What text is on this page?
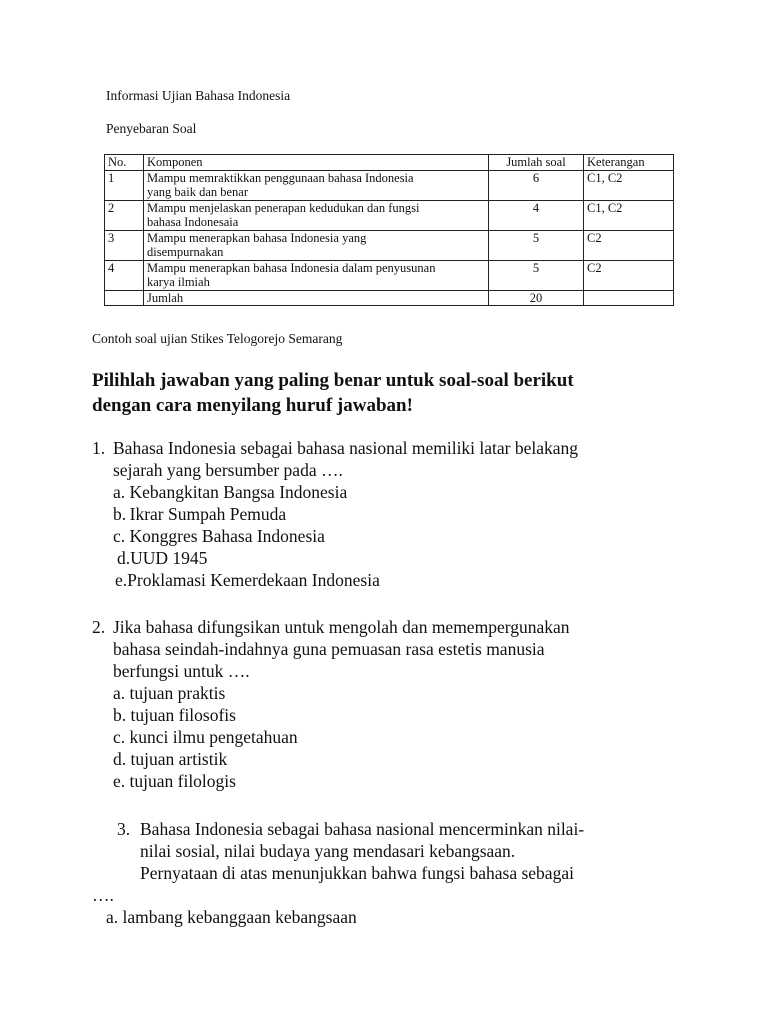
Informasi Ujian Bahasa Indonesia
Penyebaran Soal
No.	Komponen	Jumlah soal	Keterangan
1	Mampu memraktikkan penggunaan bahasa Indonesia
yang baik dan benar	6	C1, C2
2	Mampu menjelaskan penerapan kedudukan dan fungsi
bahasa Indonesaia	4	C1, C2
3	Mampu menerapkan bahasa Indonesia yang
disempurnakan	5	C2
4	Mampu menerapkan bahasa Indonesia dalam penyusunan
karya ilmiah	5	C2
	Jumlah	20	
Contoh soal ujian Stikes Telogorejo Semarang
Pilihlah jawaban yang paling benar untuk soal-soal berikut
dengan cara menyilang huruf jawaban!
1. Bahasa Indonesia sebagai bahasa nasional memiliki latar belakang
sejarah yang bersumber pada ….
a. Kebangkitan Bangsa Indonesia
b. Ikrar Sumpah Pemuda
c. Konggres Bahasa Indonesia
d.UUD 1945
e.Proklamasi Kemerdekaan Indonesia
2. Jika bahasa difungsikan untuk mengolah dan memempergunakan
bahasa seindah-indahnya guna pemuasan rasa estetis manusia
berfungsi untuk ….
a. tujuan praktis
b. tujuan filosofis
c. kunci ilmu pengetahuan
d. tujuan artistik
e. tujuan filologis
3. Bahasa Indonesia sebagai bahasa nasional mencerminkan nilai-
nilai sosial, nilai budaya yang mendasari kebangsaan.
Pernyataan di atas menunjukkan bahwa fungsi bahasa sebagai
….
a. lambang kebanggaan kebangsaan
